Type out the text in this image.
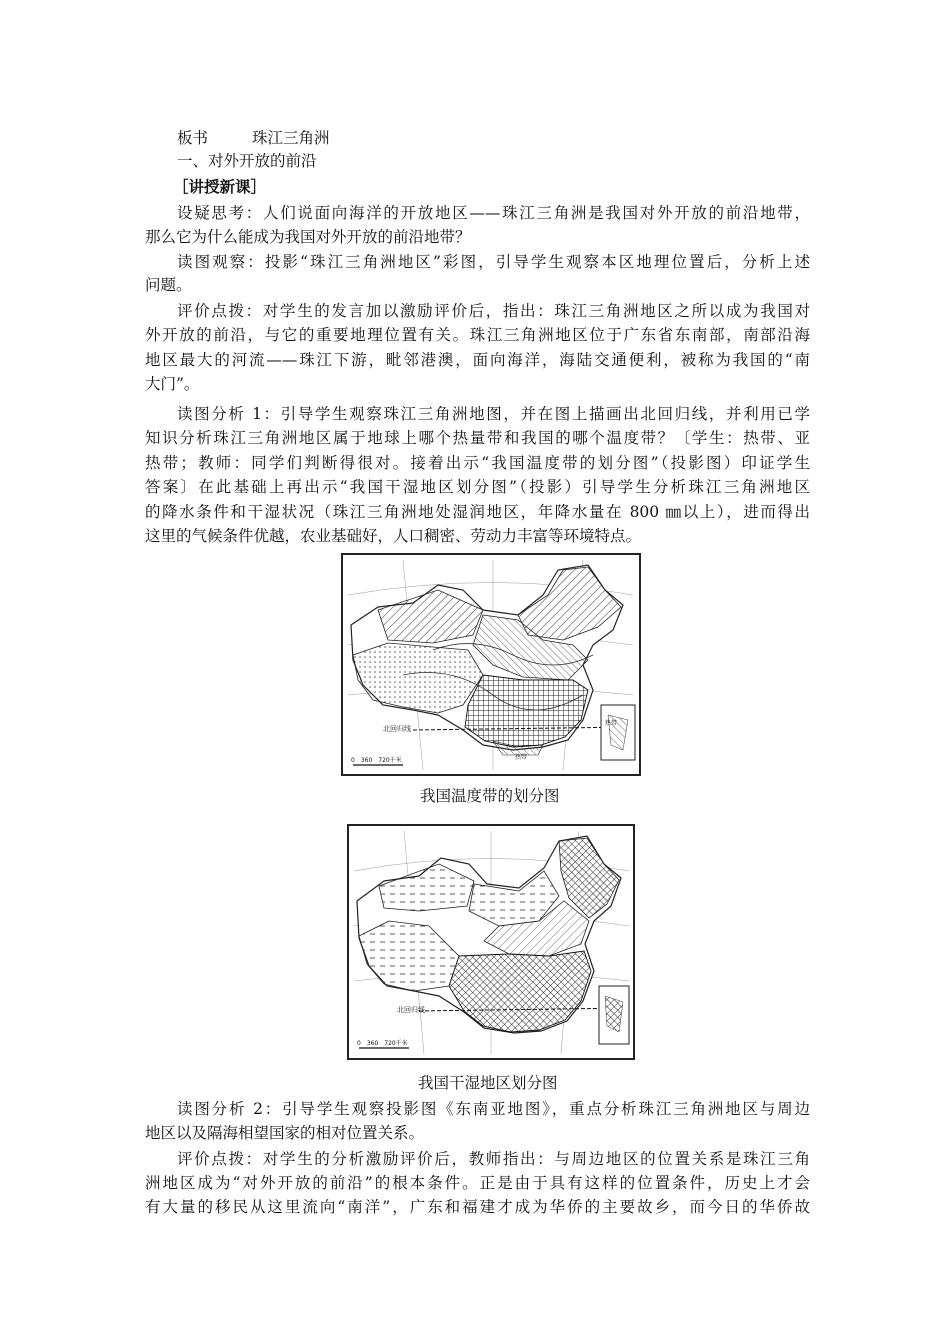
板书	珠江三角洲
一、对外开放的前沿
［讲授新课］
设疑思考：人们说面向海洋的开放地区——珠江三角洲是我国对外开放的前沿地带，
那么它为什么能成为我国对外开放的前沿地带？
读图观察：投影“珠江三角洲地区”彩图，引导学生观察本区地理位置后，分析上述
问题。
评价点拨：对学生的发言加以激励评价后，指出：珠江三角洲地区之所以成为我国对
外开放的前沿，与它的重要地理位置有关。珠江三角洲地区位于广东省东南部，南部沿海
地区最大的河流——珠江下游，毗邻港澳，面向海洋，海陆交通便利，被称为我国的“南
大门”。
读图分析 1：引导学生观察珠江三角洲地图，并在图上描画出北回归线，并利用已学
知识分析珠江三角洲地区属于地球上哪个热量带和我国的哪个温度带？〔学生：热带、亚
热带；教师：同学们判断得很对。接着出示“我国温度带的划分图”（投影图）印证学生
答案〕在此基础上再出示“我国干湿地区划分图”（投影）引导学生分析珠江三角洲地区
的降水条件和干湿状况（珠江三角洲地处湿润地区，年降水量在 800 ㎜以上），进而得出
这里的气候条件优越，农业基础好，人口稠密、劳动力丰富等环境特点。
0　360　720千米
北回归线
热带
热带
我国温度带的划分图
0　360　720千米
北回归线
我国干湿地区划分图
读图分析 2：引导学生观察投影图《东南亚地图》，重点分析珠江三角洲地区与周边
地区以及隔海相望国家的相对位置关系。
评价点拨：对学生的分析激励评价后，教师指出：与周边地区的位置关系是珠江三角
洲地区成为“对外开放的前沿”的根本条件。正是由于具有这样的位置条件，历史上才会
有大量的移民从这里流向“南洋”，广东和福建才成为华侨的主要故乡，而今日的华侨故
